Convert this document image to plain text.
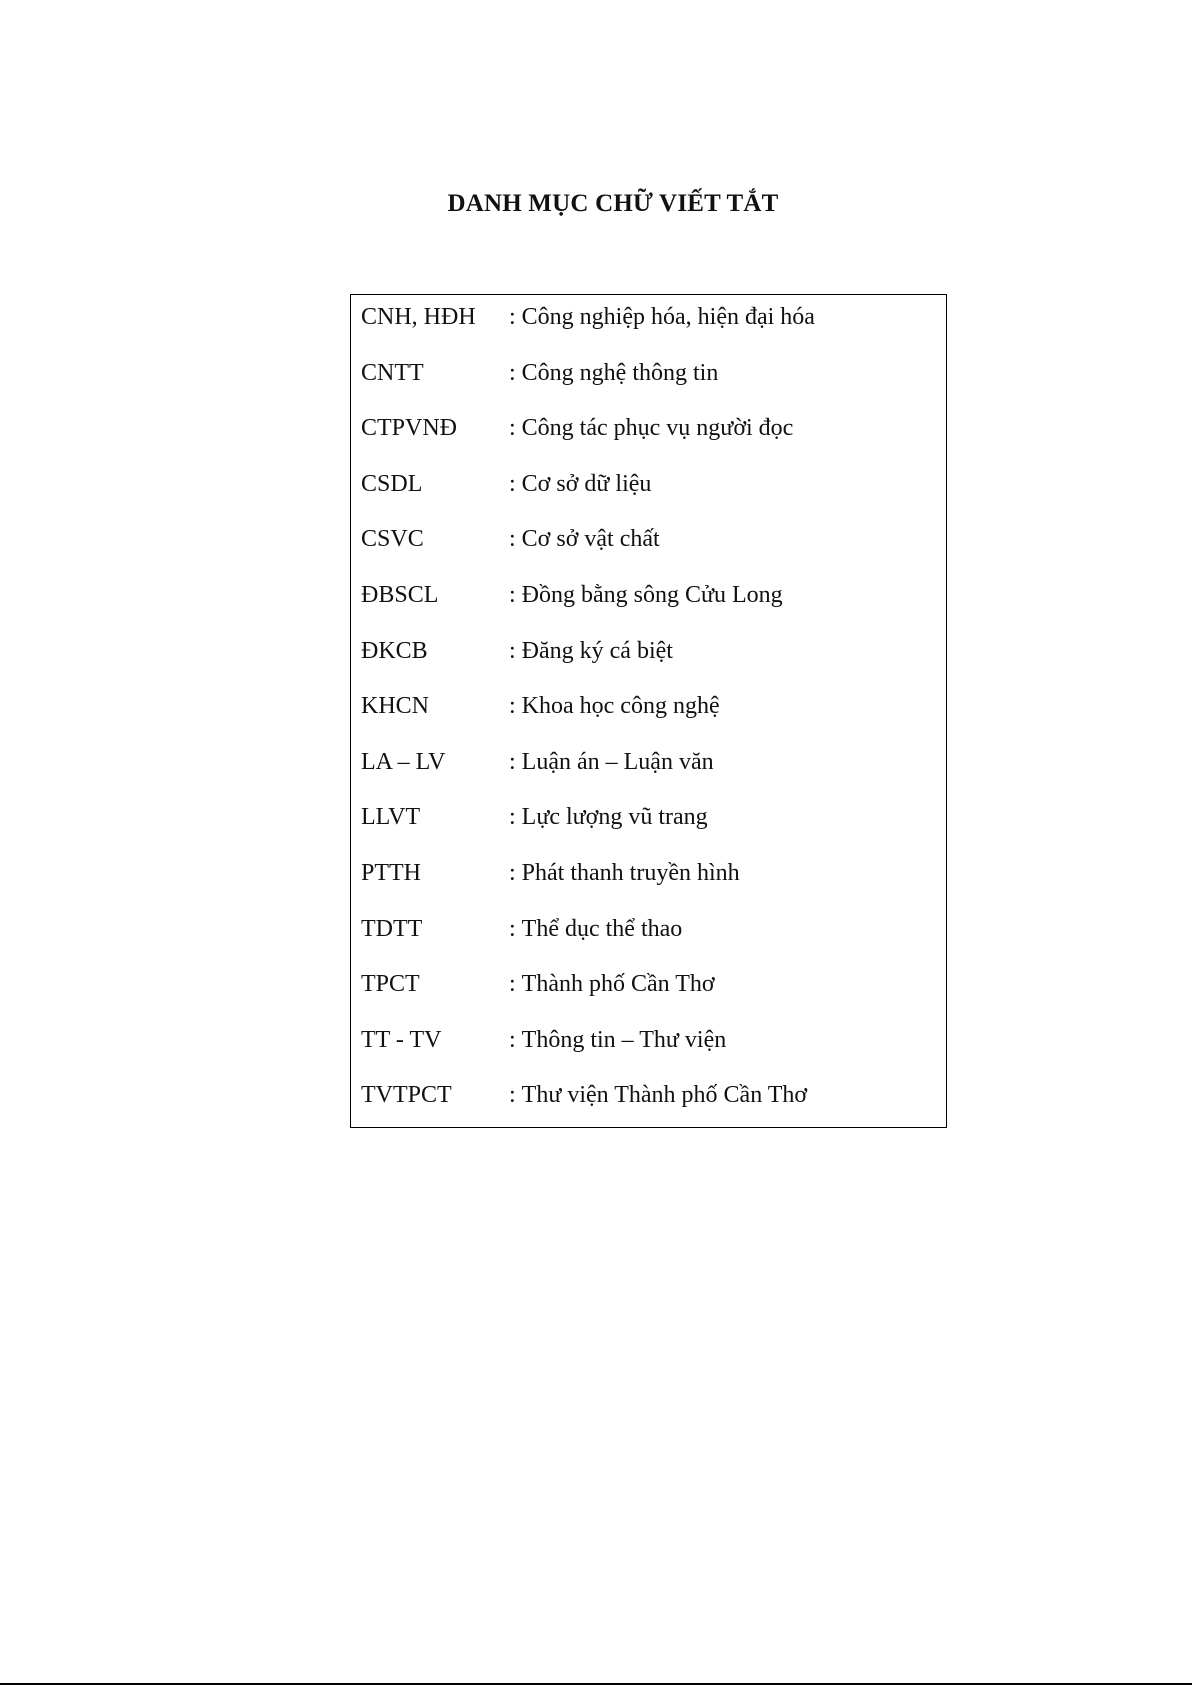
DANH MỤC CHỮ VIẾT TẮT
CNH, HĐH	: Công nghiệp hóa, hiện đại hóa
CNTT	: Công nghệ thông tin
CTPVNĐ	: Công tác phục vụ người đọc
CSDL	: Cơ sở dữ liệu
CSVC	: Cơ sở vật chất
ĐBSCL	: Đồng bằng sông Cửu Long
ĐKCB	: Đăng ký cá biệt
KHCN	: Khoa học công nghệ
LA – LV	: Luận án – Luận văn
LLVT	: Lực lượng vũ trang
PTTH	: Phát thanh truyền hình
TDTT	: Thể dục thể thao
TPCT	: Thành phố Cần Thơ
TT - TV	: Thông tin – Thư viện
TVTPCT	: Thư viện Thành phố Cần Thơ
